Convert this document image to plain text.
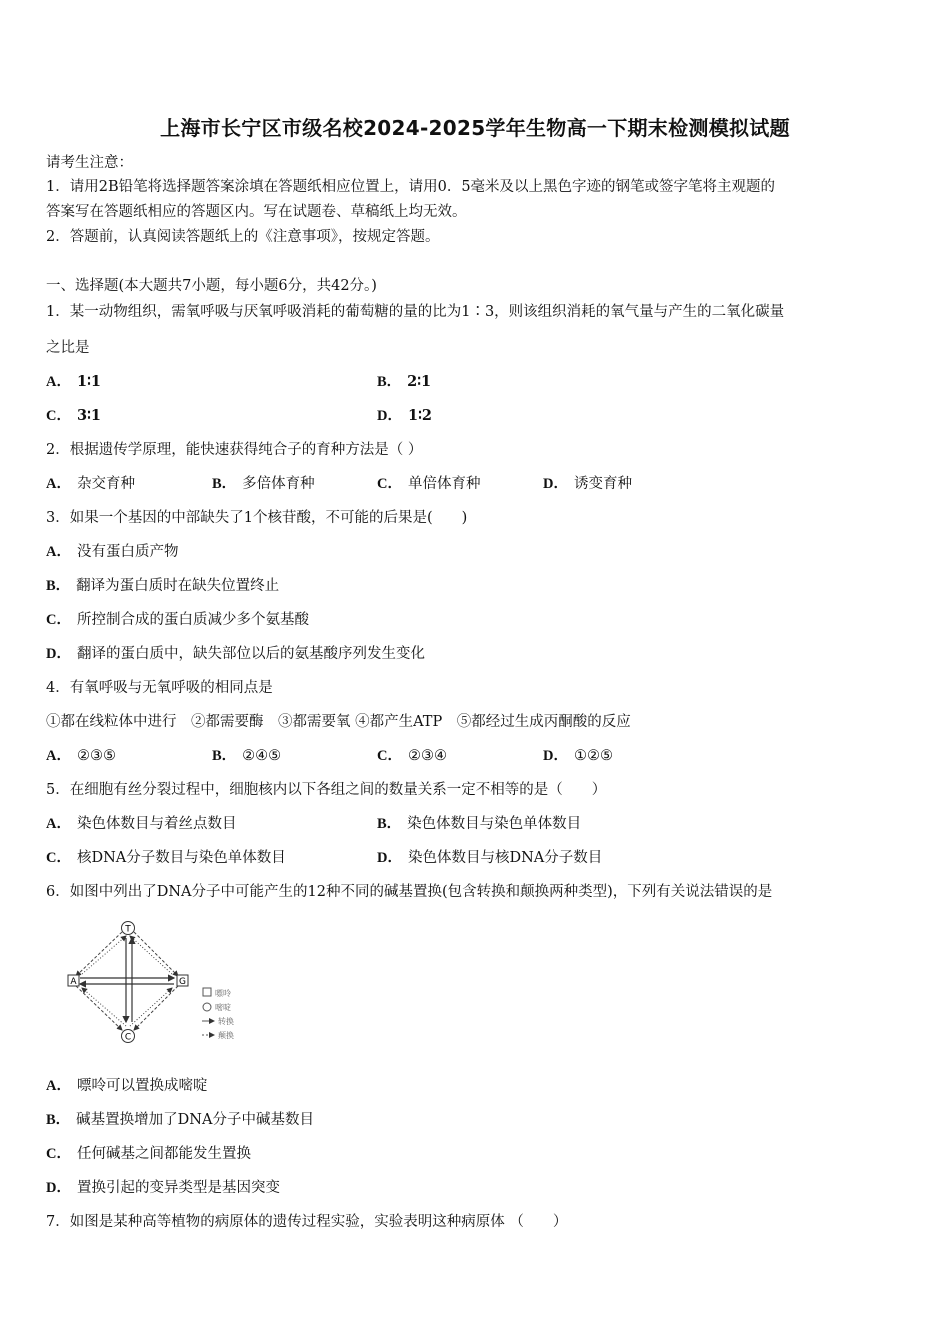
上海市长宁区市级名校2024-2025学年生物高一下期末检测模拟试题
请考生注意：
1．请用2B铅笔将选择题答案涂填在答题纸相应位置上，请用0．5毫米及以上黑色字迹的钢笔或签字笔将主观题的
答案写在答题纸相应的答题区内。写在试题卷、草稿纸上均无效。
2．答题前，认真阅读答题纸上的《注意事项》，按规定答题。
一、选择题(本大题共7小题，每小题6分，共42分。)
1．某一动物组织，需氧呼吸与厌氧呼吸消耗的葡萄糖的量的比为1∶3，则该组织消耗的氧气量与产生的二氧化碳量
之比是
A． 1∶1	B． 2∶1
C． 3∶1	D． 1∶2
2．根据遗传学原理，能快速获得纯合子的育种方法是（ ）
A． 杂交育种	B． 多倍体育种	C． 单倍体育种	D． 诱变育种
3．如果一个基因的中部缺失了1个核苷酸，不可能的后果是(　　)
A． 没有蛋白质产物
B． 翻译为蛋白质时在缺失位置终止
C． 所控制合成的蛋白质减少多个氨基酸
D． 翻译的蛋白质中，缺失部位以后的氨基酸序列发生变化
4．有氧呼吸与无氧呼吸的相同点是
①都在线粒体中进行　②都需要酶　③都需要氧 ④都产生ATP　⑤都经过生成丙酮酸的反应
A． ②③⑤	B． ②④⑤	C． ②③④	D． ①②⑤
5．在细胞有丝分裂过程中，细胞核内以下各组之间的数量关系一定不相等的是（　　）
A． 染色体数目与着丝点数目	B． 染色体数目与染色单体数目
C． 核DNA分子数目与染色单体数目	D． 染色体数目与核DNA分子数目
6．如图中列出了DNA分子中可能产生的12种不同的碱基置换(包含转换和颠换两种类型)，下列有关说法错误的是
T
A	G
C
嘌呤
嘧啶
转换
颠换
A． 嘌呤可以置换成嘧啶
B． 碱基置换增加了DNA分子中碱基数目
C． 任何碱基之间都能发生置换
D． 置换引起的变异类型是基因突变
7．如图是某种高等植物的病原体的遗传过程实验，实验表明这种病原体 （　　）
